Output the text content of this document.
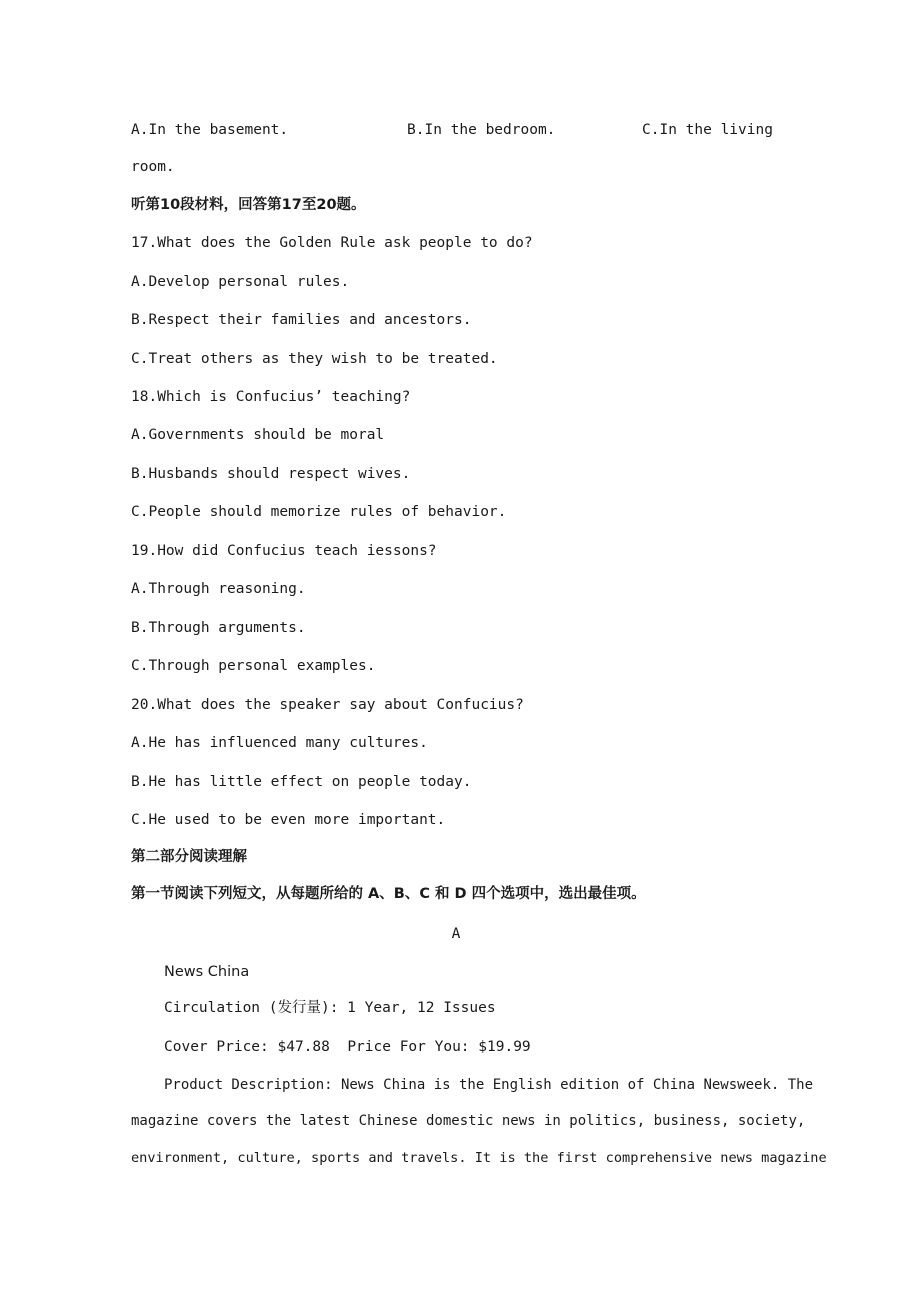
A.In the basement.	B.In the bedroom.	C.In the living
room.
听第10段材料，回答第17至20题。
17.What does the Golden Rule ask people to do?
A.Develop personal rules.
B.Respect their families and ancestors.
C.Treat others as they wish to be treated.
18.Which is Confucius’ teaching?
A.Governments should be moral
B.Husbands should respect wives.
C.People should memorize rules of behavior.
19.How did Confucius teach iessons?
A.Through reasoning.
B.Through arguments.
C.Through personal examples.
20.What does the speaker say about Confucius?
A.He has influenced many cultures.
B.He has little effect on people today.
C.He used to be even more important.
第二部分阅读理解
第一节阅读下列短文，从每题所给的 A、B、C 和 D 四个选项中，选出最佳项。
A
News China
Circulation (发行量): 1 Year, 12 Issues
Cover Price: $47.88  Price For You: $19.99
Product Description: News China is the English edition of China Newsweek. The
magazine covers the latest Chinese domestic news in politics, business, society,
environment, culture, sports and travels. It is the first comprehensive news magazine
